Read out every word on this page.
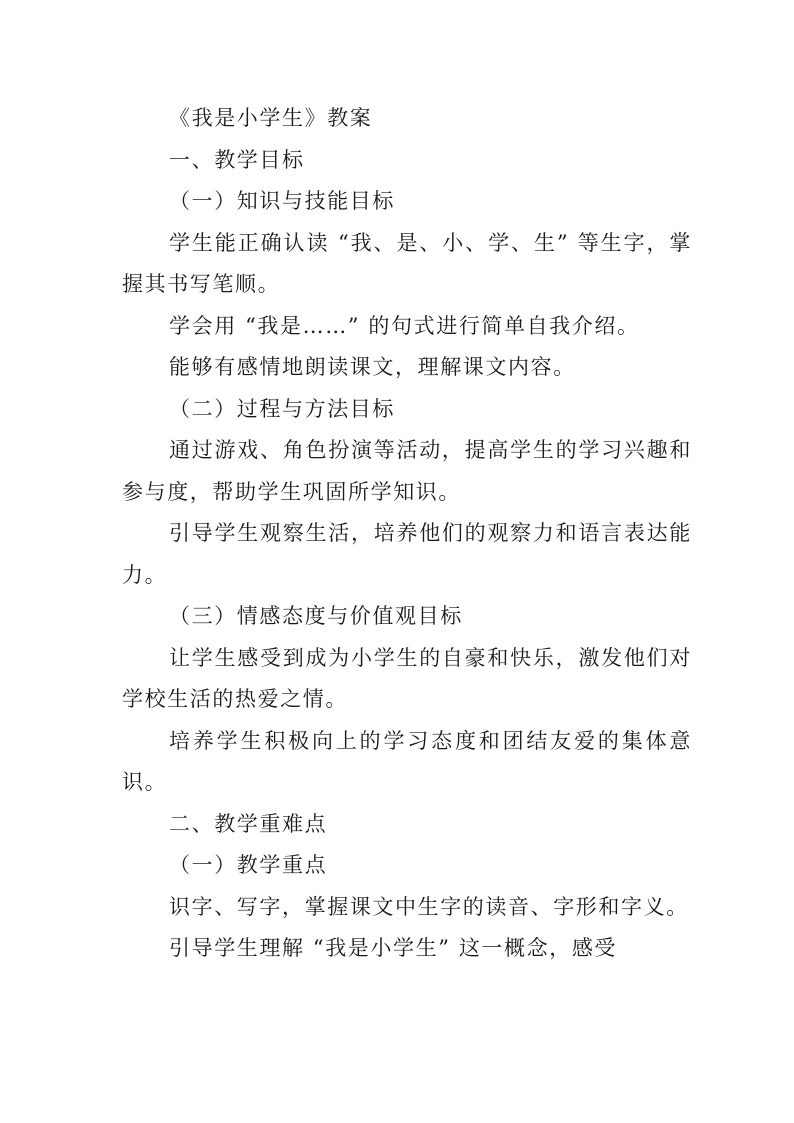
《我是小学生》教案

一、教学目标

（一）知识与技能目标

学生能正确认读 “我、是、小、学、生” 等生字，掌握其书写笔顺。

学会用 “我是……” 的句式进行简单自我介绍。

能够有感情地朗读课文，理解课文内容。

（二）过程与方法目标

通过游戏、角色扮演等活动，提高学生的学习兴趣和参与度，帮助学生巩固所学知识。

引导学生观察生活，培养他们的观察力和语言表达能力。

（三）情感态度与价值观目标

让学生感受到成为小学生的自豪和快乐，激发他们对学校生活的热爱之情。

培养学生积极向上的学习态度和团结友爱的集体意识。

二、教学重难点

（一）教学重点

识字、写字，掌握课文中生字的读音、字形和字义。

引导学生理解 “我是小学生” 这一概念，感受
